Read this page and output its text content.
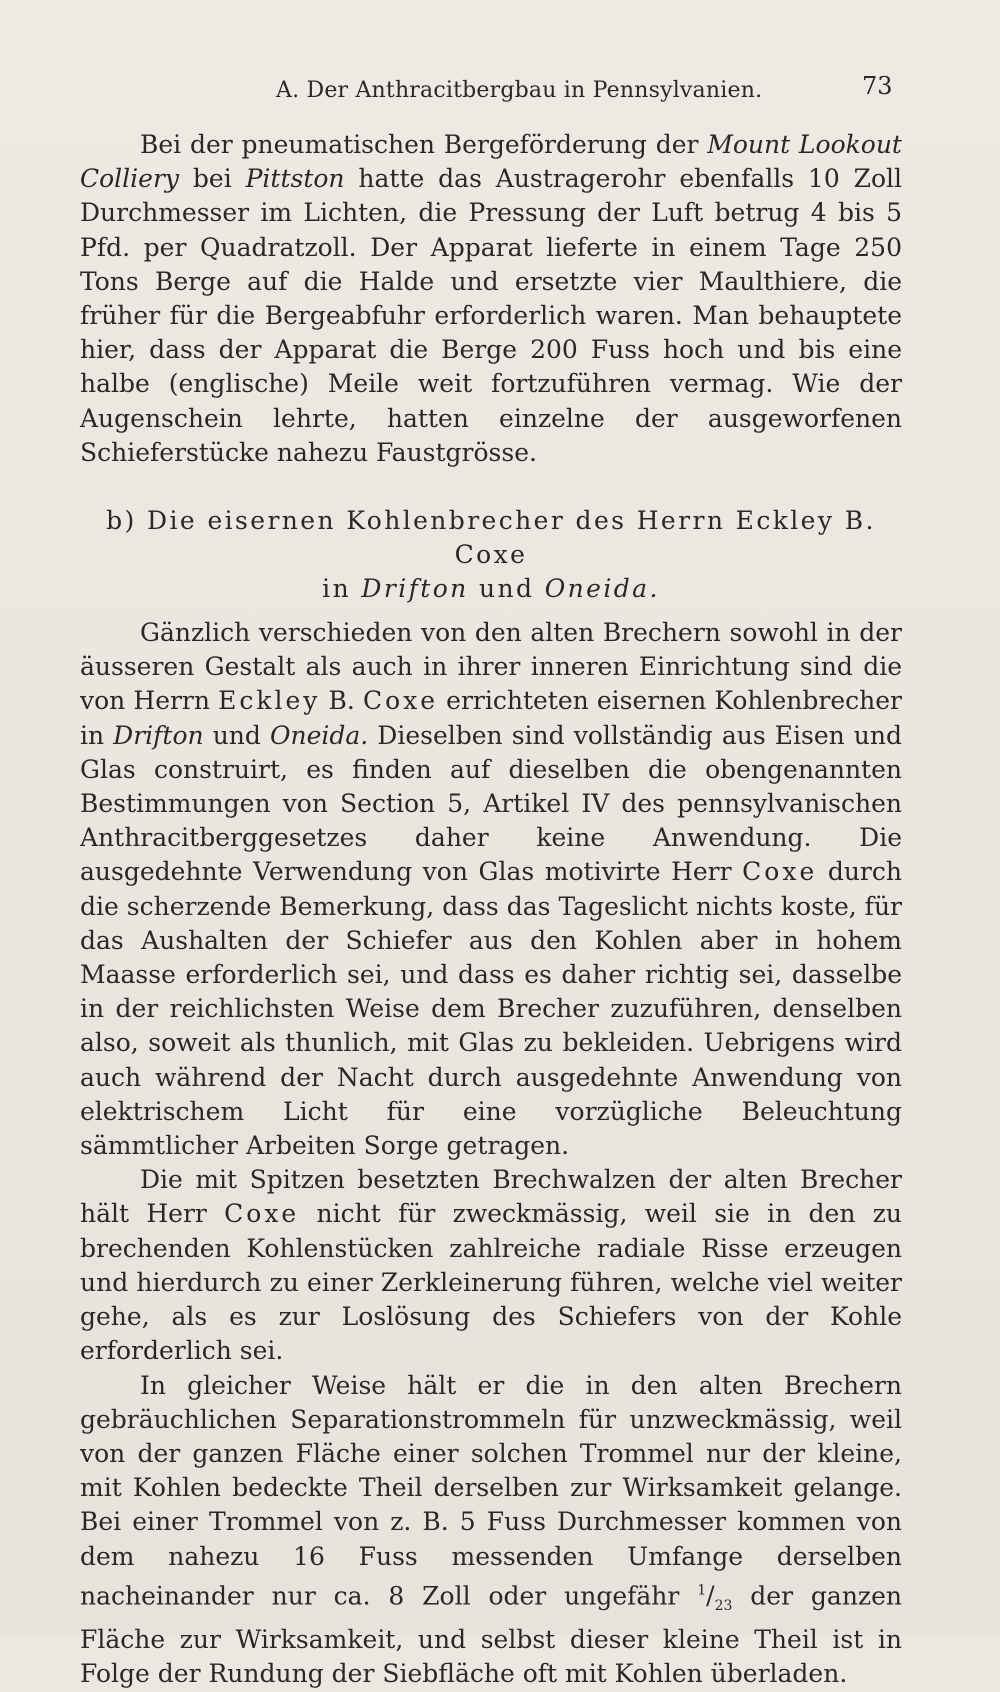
A. Der Anthracitbergbau in Pennsylvanien.	73

Bei der pneumatischen Bergeförderung der Mount Lookout Colliery bei Pittston hatte das Austragerohr ebenfalls 10 Zoll Durchmesser im Lichten, die Pressung der Luft betrug 4 bis 5 Pfd. per Quadratzoll. Der Apparat lieferte in einem Tage 250 Tons Berge auf die Halde und ersetzte vier Maulthiere, die früher für die Bergeabfuhr erforderlich waren. Man behauptete hier, dass der Apparat die Berge 200 Fuss hoch und bis eine halbe (englische) Meile weit fortzuführen vermag. Wie der Augenschein lehrte, hatten einzelne der ausgeworfenen Schieferstücke nahezu Faustgrösse.

b) Die eisernen Kohlenbrecher des Herrn Eckley B. Coxe
in Drifton und Oneida.

Gänzlich verschieden von den alten Brechern sowohl in der äusseren Gestalt als auch in ihrer inneren Einrichtung sind die von Herrn Eckley B. Coxe errichteten eisernen Kohlenbrecher in Drifton und Oneida. Dieselben sind vollständig aus Eisen und Glas construirt, es finden auf dieselben die obengenannten Bestimmungen von Section 5, Artikel IV des pennsylvanischen Anthracitberggesetzes daher keine Anwendung. Die ausgedehnte Verwendung von Glas motivirte Herr Coxe durch die scherzende Bemerkung, dass das Tageslicht nichts koste, für das Aushalten der Schiefer aus den Kohlen aber in hohem Maasse erforderlich sei, und dass es daher richtig sei, dasselbe in der reichlichsten Weise dem Brecher zuzuführen, denselben also, soweit als thunlich, mit Glas zu bekleiden. Uebrigens wird auch während der Nacht durch ausgedehnte Anwendung von elektrischem Licht für eine vorzügliche Beleuchtung sämmtlicher Arbeiten Sorge getragen.

Die mit Spitzen besetzten Brechwalzen der alten Brecher hält Herr Coxe nicht für zweckmässig, weil sie in den zu brechenden Kohlenstücken zahlreiche radiale Risse erzeugen und hierdurch zu einer Zerkleinerung führen, welche viel weiter gehe, als es zur Loslösung des Schiefers von der Kohle erforderlich sei.

In gleicher Weise hält er die in den alten Brechern gebräuchlichen Separationstrommeln für unzweckmässig, weil von der ganzen Fläche einer solchen Trommel nur der kleine, mit Kohlen bedeckte Theil derselben zur Wirksamkeit gelange. Bei einer Trommel von z. B. 5 Fuss Durchmesser kommen von dem nahezu 16 Fuss messenden Umfange derselben nacheinander nur ca. 8 Zoll oder ungefähr $^1/_{23}$ der ganzen Fläche zur Wirksamkeit, und selbst dieser kleine Theil ist in Folge der Rundung der Siebfläche oft mit Kohlen überladen.
